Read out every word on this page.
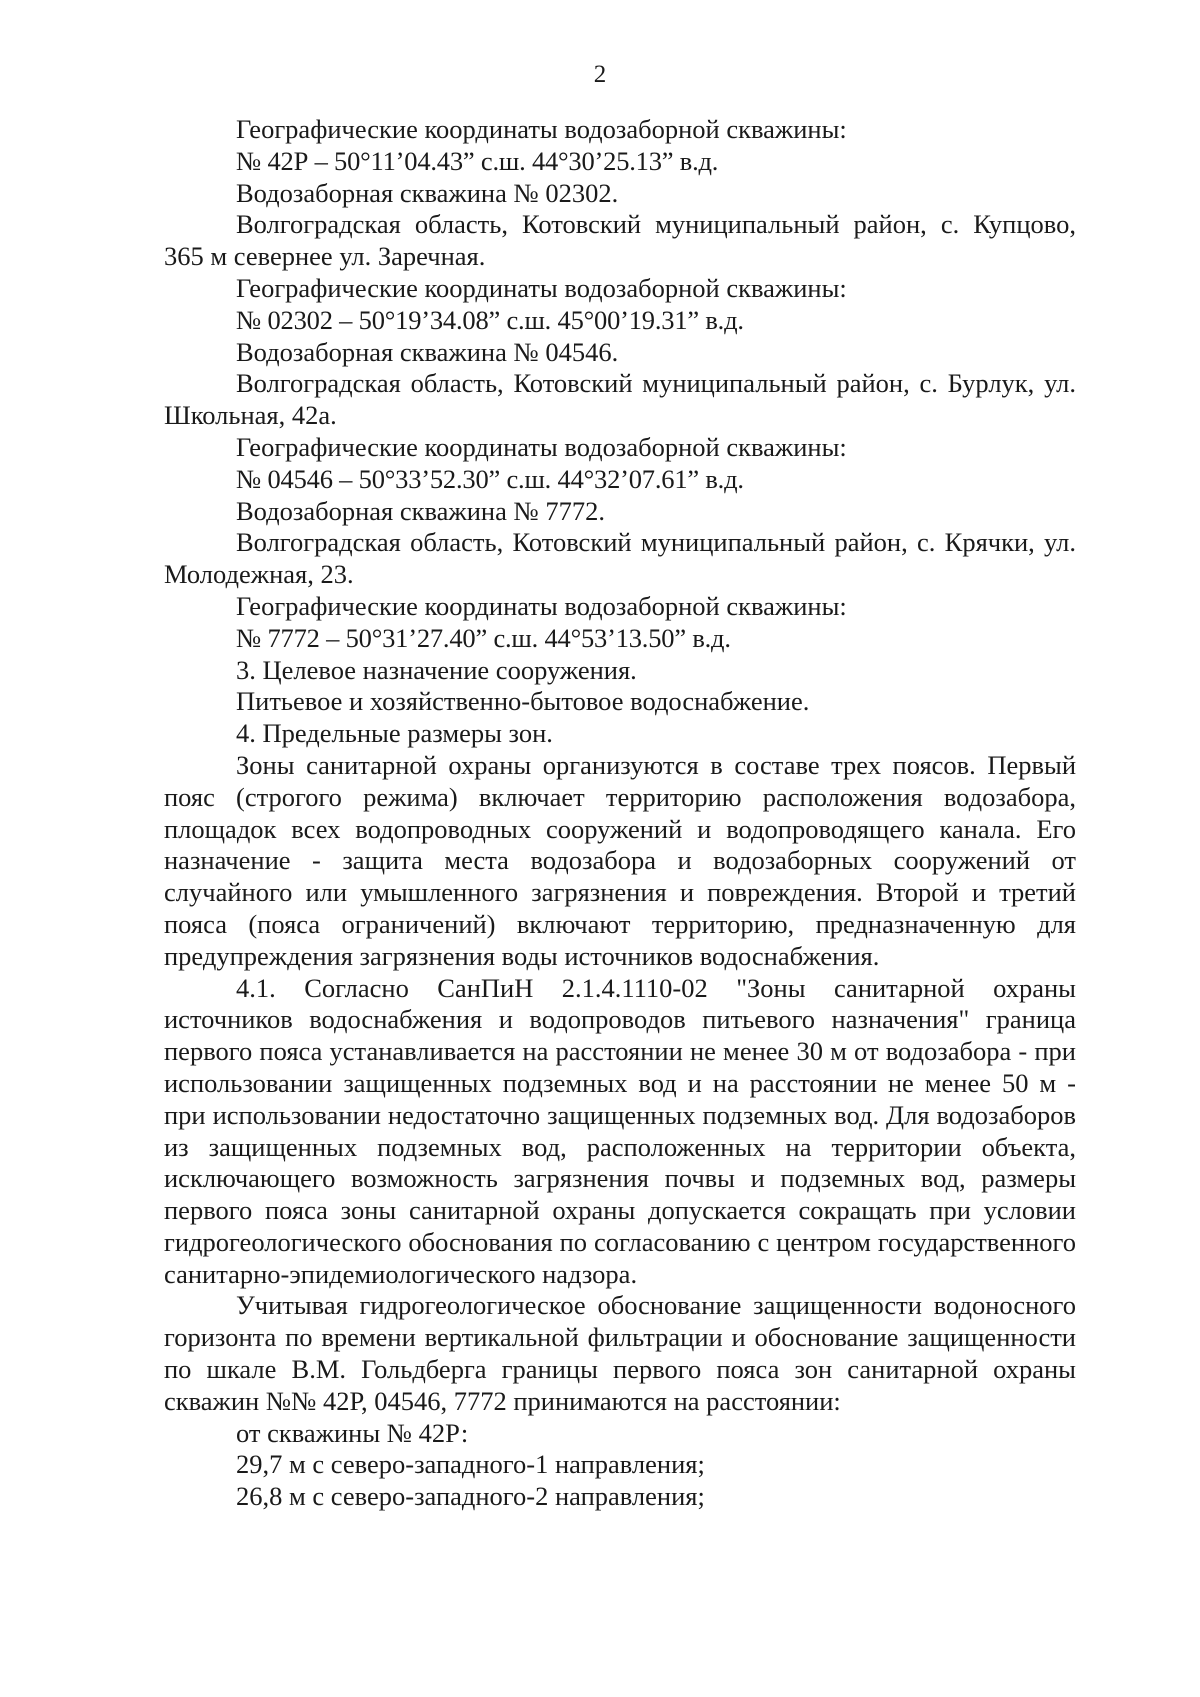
2

Географические координаты водозаборной скважины:

№ 42Р – 50°11’04.43” с.ш. 44°30’25.13” в.д.

Водозаборная скважина № 02302.

Волгоградская область, Котовский муниципальный район, с. Купцово, 365 м севернее ул. Заречная.

Географические координаты водозаборной скважины:

№ 02302 – 50°19’34.08” с.ш. 45°00’19.31” в.д.

Водозаборная скважина № 04546.

Волгоградская область, Котовский муниципальный район, с. Бурлук, ул. Школьная, 42а.

Географические координаты водозаборной скважины:

№ 04546 – 50°33’52.30” с.ш. 44°32’07.61” в.д.

Водозаборная скважина № 7772.

Волгоградская область, Котовский муниципальный район, с. Крячки, ул. Молодежная, 23.

Географические координаты водозаборной скважины:

№ 7772 – 50°31’27.40” с.ш. 44°53’13.50” в.д.

3. Целевое назначение сооружения.

Питьевое и хозяйственно-бытовое водоснабжение.

4. Предельные размеры зон.

Зоны санитарной охраны организуются в составе трех поясов. Первый пояс (строгого режима) включает территорию расположения водозабора, площадок всех водопроводных сооружений и водопроводящего канала. Его назначение - защита места водозабора и водозаборных сооружений от случайного или умышленного загрязнения и повреждения. Второй и третий пояса (пояса ограничений) включают территорию, предназначенную для предупреждения загрязнения воды источников водоснабжения.

4.1. Согласно СанПиН 2.1.4.1110-02 "Зоны санитарной охраны источников водоснабжения и водопроводов питьевого назначения" граница первого пояса устанавливается на расстоянии не менее 30 м от водозабора - при использовании защищенных подземных вод и на расстоянии не менее 50 м - при использовании недостаточно защищенных подземных вод. Для водозаборов из защищенных подземных вод, расположенных на территории объекта, исключающего возможность загрязнения почвы и подземных вод, размеры первого пояса зоны санитарной охраны допускается сокращать при условии гидрогеологического обоснования по согласованию с центром государственного санитарно-эпидемиологического надзора.

Учитывая гидрогеологическое обоснование защищенности водоносного горизонта по времени вертикальной фильтрации и обоснование защищенности по шкале В.М. Гольдберга границы первого пояса зон санитарной охраны скважин №№ 42Р, 04546, 7772 принимаются на расстоянии:

от скважины № 42Р:

29,7 м с северо-западного-1 направления;

26,8 м с северо-западного-2 направления;
